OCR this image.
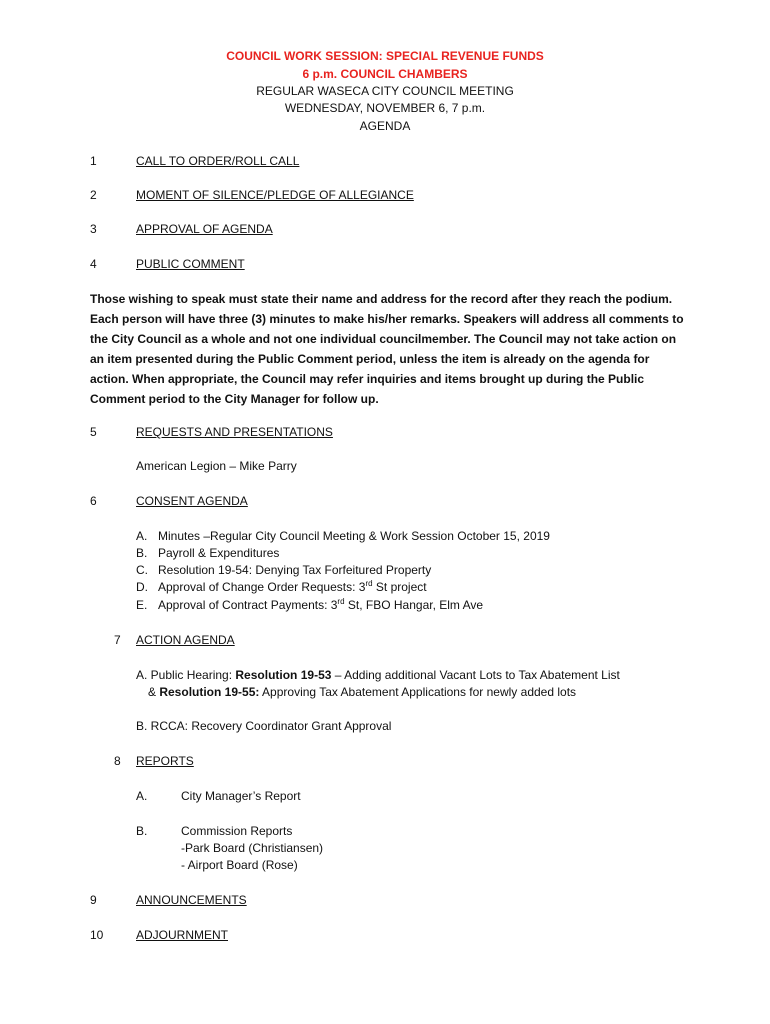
COUNCIL WORK SESSION: SPECIAL REVENUE FUNDS
6 p.m. COUNCIL CHAMBERS
REGULAR WASECA CITY COUNCIL MEETING
WEDNESDAY, NOVEMBER 6, 7 p.m.
AGENDA
1	CALL TO ORDER/ROLL CALL
2	MOMENT OF SILENCE/PLEDGE OF ALLEGIANCE
3	APPROVAL OF AGENDA
4	PUBLIC COMMENT
Those wishing to speak must state their name and address for the record after they reach the podium. Each person will have three (3) minutes to make his/her remarks. Speakers will address all comments to the City Council as a whole and not one individual councilmember. The Council may not take action on an item presented during the Public Comment period, unless the item is already on the agenda for action. When appropriate, the Council may refer inquiries and items brought up during the Public Comment period to the City Manager for follow up.
5	REQUESTS AND PRESENTATIONS
American Legion – Mike Parry
6	CONSENT AGENDA
A. Minutes –Regular City Council Meeting & Work Session October 15, 2019
B. Payroll & Expenditures
C. Resolution 19-54: Denying Tax Forfeitured Property
D. Approval of Change Order Requests: 3rd St project
E. Approval of Contract Payments: 3rd St, FBO Hangar, Elm Ave
7 ACTION AGENDA
A. Public Hearing: Resolution 19-53 – Adding additional Vacant Lots to Tax Abatement List
& Resolution 19-55: Approving Tax Abatement Applications for newly added lots
B. RCCA: Recovery Coordinator Grant Approval
8 REPORTS
A.	City Manager’s Report
B.	Commission Reports
-Park Board (Christiansen)
- Airport Board (Rose)
9	ANNOUNCEMENTS
10	ADJOURNMENT
